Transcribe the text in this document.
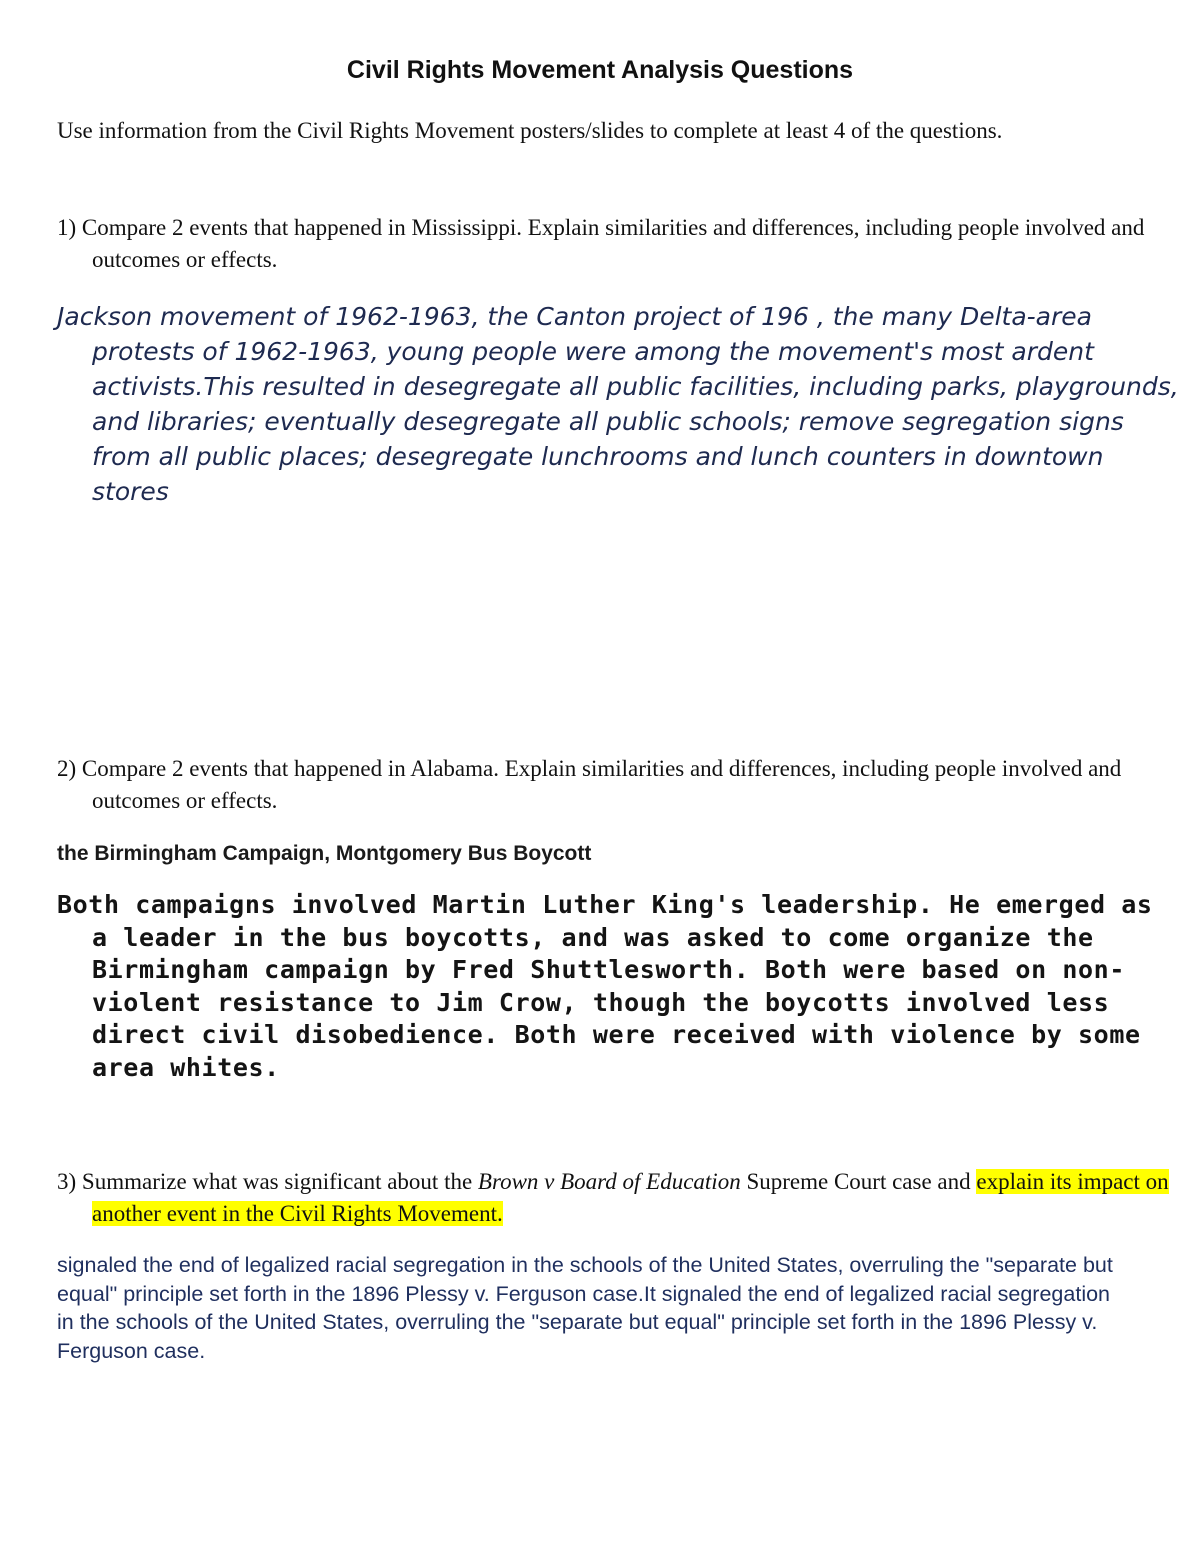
Civil Rights Movement Analysis Questions
Use information from the Civil Rights Movement posters/slides to complete at least 4 of the questions.
1) Compare 2 events that happened in Mississippi. Explain similarities and differences, including people involved and outcomes or effects.
Jackson movement of 1962-1963, the Canton project of 196 , the many Delta-area protests of 1962-1963, young people were among the movement's most ardent activists.This resulted in desegregate all public facilities, including parks, playgrounds, and libraries; eventually desegregate all public schools; remove segregation signs from all public places; desegregate lunchrooms and lunch counters in downtown stores
2) Compare 2 events that happened in Alabama. Explain similarities and differences, including people involved and outcomes or effects.
the Birmingham Campaign, Montgomery Bus Boycott
Both campaigns involved Martin Luther King's leadership. He emerged as a leader in the bus boycotts, and was asked to come organize the Birmingham campaign by Fred Shuttlesworth. Both were based on non-violent resistance to Jim Crow, though the boycotts involved less direct civil disobedience. Both were received with violence by some area whites.
3) Summarize what was significant about the Brown v Board of Education Supreme Court case and explain its impact on another event in the Civil Rights Movement.
signaled the end of legalized racial segregation in the schools of the United States, overruling the "separate but equal" principle set forth in the 1896 Plessy v. Ferguson case.It signaled the end of legalized racial segregation in the schools of the United States, overruling the "separate but equal" principle set forth in the 1896 Plessy v. Ferguson case.
